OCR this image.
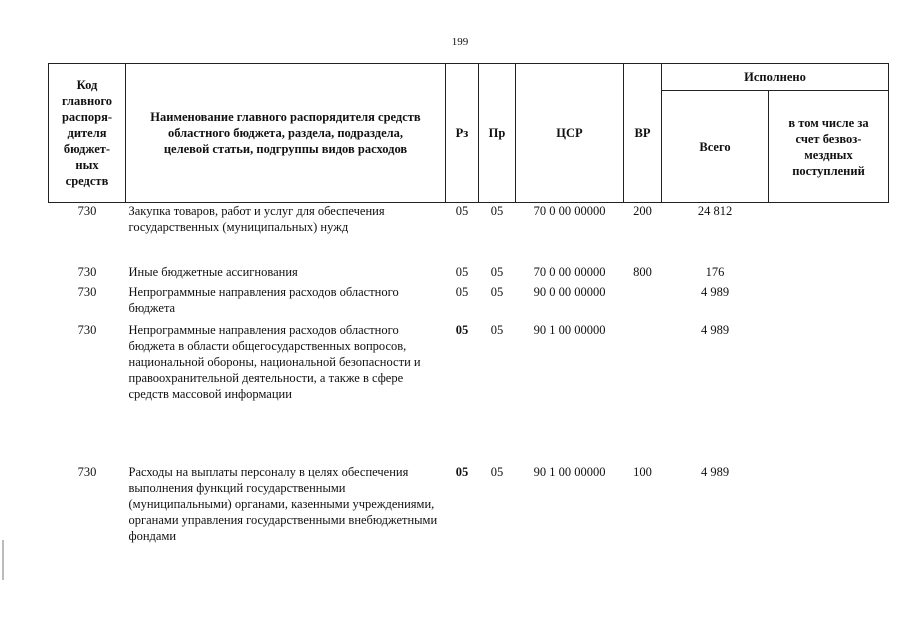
199
Код главного распоря-дителя бюджет-ных средств	Наименование главного распорядителя средств областного бюджета, раздела, подраздела, целевой статьи, подгруппы видов расходов	Рз	Пр	ЦСР	ВР	Исполнено	
						Всего	в том числе за счет безвоз-мездных поступлений
730	Закупка товаров, работ и услуг для обеспечения государственных (муниципальных) нужд	05	05	70 0 00 00000	200	24 812	
730	Иные бюджетные ассигнования	05	05	70 0 00 00000	800	176	
730	Непрограммные направления расходов областного бюджета	05	05	90 0 00 00000		4 989	
730	Непрограммные направления расходов областного бюджета в области общегосударственных вопросов, национальной обороны, национальной безопасности и правоохранительной деятельности, а также в сфере средств массовой информации	05	05	90 1 00 00000		4 989	
730	Расходы на выплаты персоналу в целях обеспечения выполнения функций государственными (муниципальными) органами, казенными учреждениями, органами управления государственными внебюджетными фондами	05	05	90 1 00 00000	100	4 989	
